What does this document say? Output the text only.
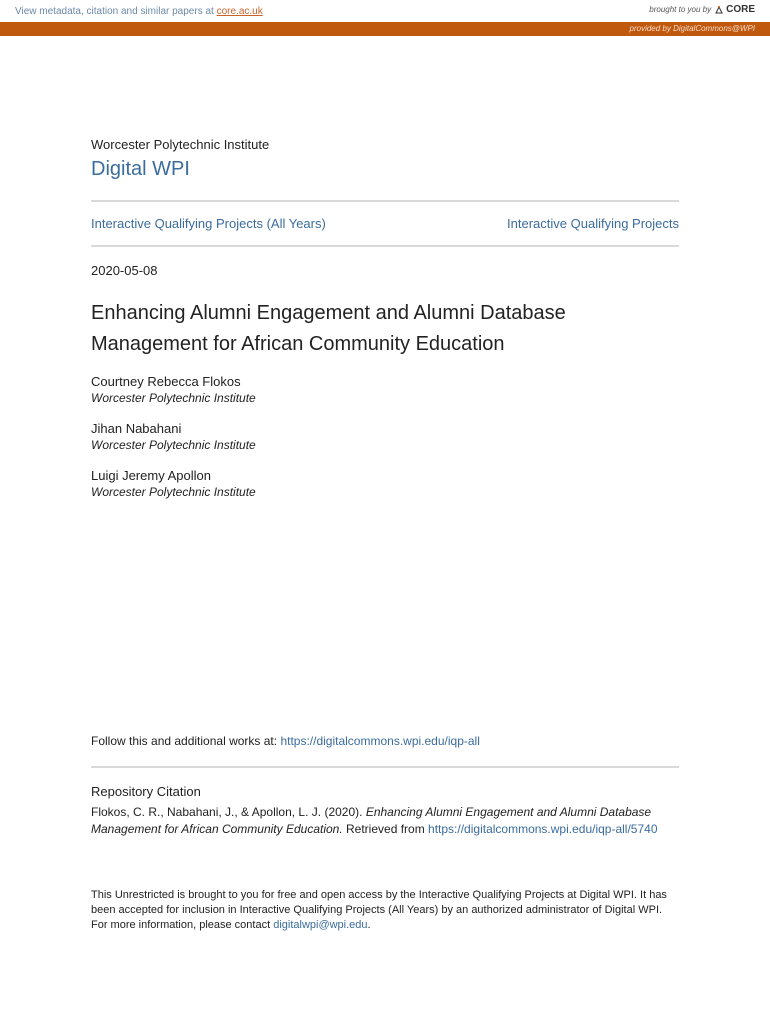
View metadata, citation and similar papers at core.ac.uk	brought to you by CORE
provided by DigitalCommons@WPI
Worcester Polytechnic Institute
Digital WPI
Interactive Qualifying Projects (All Years)	Interactive Qualifying Projects
2020-05-08
Enhancing Alumni Engagement and Alumni Database Management for African Community Education
Courtney Rebecca Flokos
Worcester Polytechnic Institute
Jihan Nabahani
Worcester Polytechnic Institute
Luigi Jeremy Apollon
Worcester Polytechnic Institute
Follow this and additional works at: https://digitalcommons.wpi.edu/iqp-all
Repository Citation
Flokos, C. R., Nabahani, J., & Apollon, L. J. (2020). Enhancing Alumni Engagement and Alumni Database Management for African Community Education. Retrieved from https://digitalcommons.wpi.edu/iqp-all/5740
This Unrestricted is brought to you for free and open access by the Interactive Qualifying Projects at Digital WPI. It has been accepted for inclusion in Interactive Qualifying Projects (All Years) by an authorized administrator of Digital WPI. For more information, please contact digitalwpi@wpi.edu.
